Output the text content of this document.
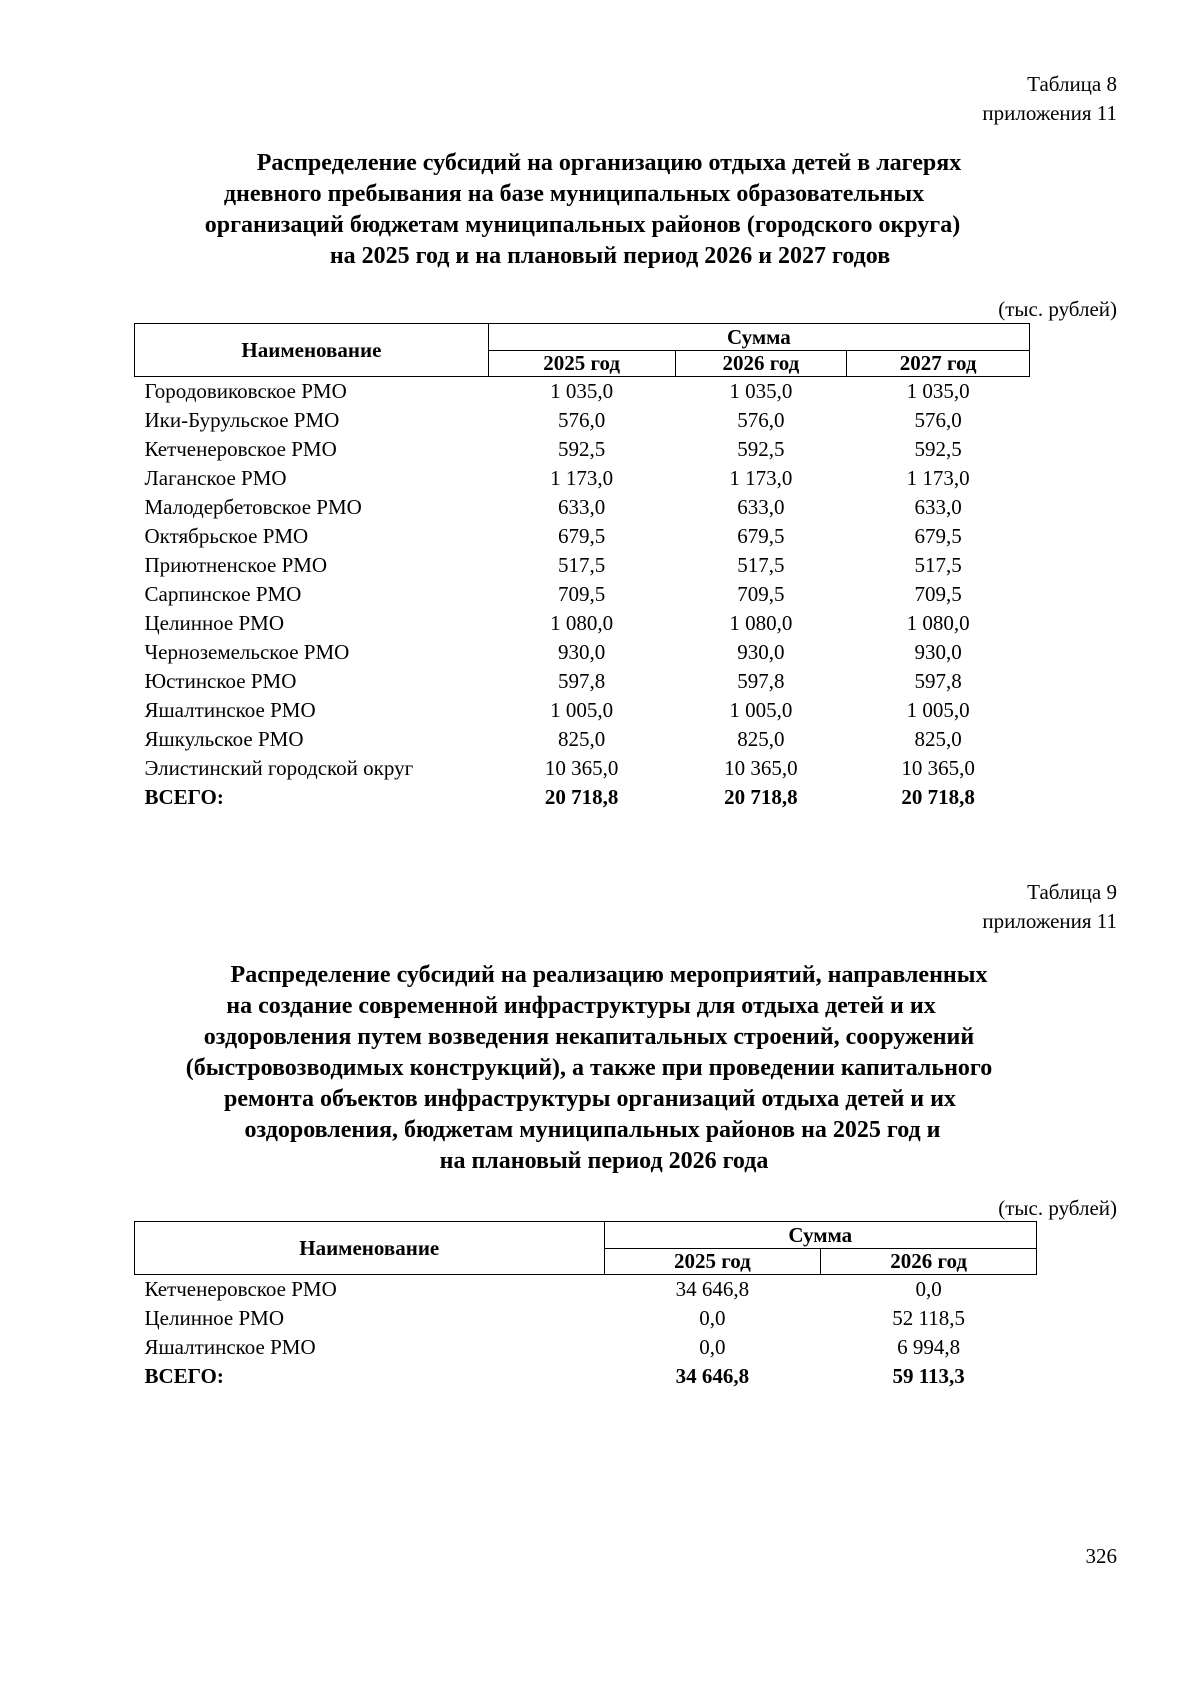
Таблица 8
приложения 11
Распределение субсидий на организацию отдыха детей в лагерях
дневного пребывания на базе муниципальных образовательных
организаций бюджетам муниципальных районов (городского округа)
на 2025 год и на плановый период 2026 и 2027 годов
(тыс. рублей)
Наименование	Сумма		
	2025 год	2026 год	2027 год
Городовиковское РМО	1 035,0	1 035,0	1 035,0
Ики-Бурульское РМО	576,0	576,0	576,0
Кетченеровское РМО	592,5	592,5	592,5
Лаганское РМО	1 173,0	1 173,0	1 173,0
Малодербетовское РМО	633,0	633,0	633,0
Октябрьское РМО	679,5	679,5	679,5
Приютненское РМО	517,5	517,5	517,5
Сарпинское РМО	709,5	709,5	709,5
Целинное РМО	1 080,0	1 080,0	1 080,0
Черноземельское РМО	930,0	930,0	930,0
Юстинское РМО	597,8	597,8	597,8
Яшалтинское РМО	1 005,0	1 005,0	1 005,0
Яшкульское РМО	825,0	825,0	825,0
Элистинский городской округ	10 365,0	10 365,0	10 365,0
ВСЕГО:	20 718,8	20 718,8	20 718,8
Таблица 9
приложения 11
Распределение субсидий на реализацию мероприятий, направленных
на создание современной инфраструктуры для отдыха детей и их
оздоровления путем возведения некапитальных строений, сооружений
(быстровозводимых конструкций), а также при проведении капитального
ремонта объектов инфраструктуры организаций отдыха детей и их
оздоровления, бюджетам муниципальных районов на 2025 год и
на плановый период 2026 года
(тыс. рублей)
Наименование	Сумма	
	2025 год	2026 год
Кетченеровское РМО	34 646,8	0,0
Целинное РМО	0,0	52 118,5
Яшалтинское РМО	0,0	6 994,8
ВСЕГО:	34 646,8	59 113,3
326
